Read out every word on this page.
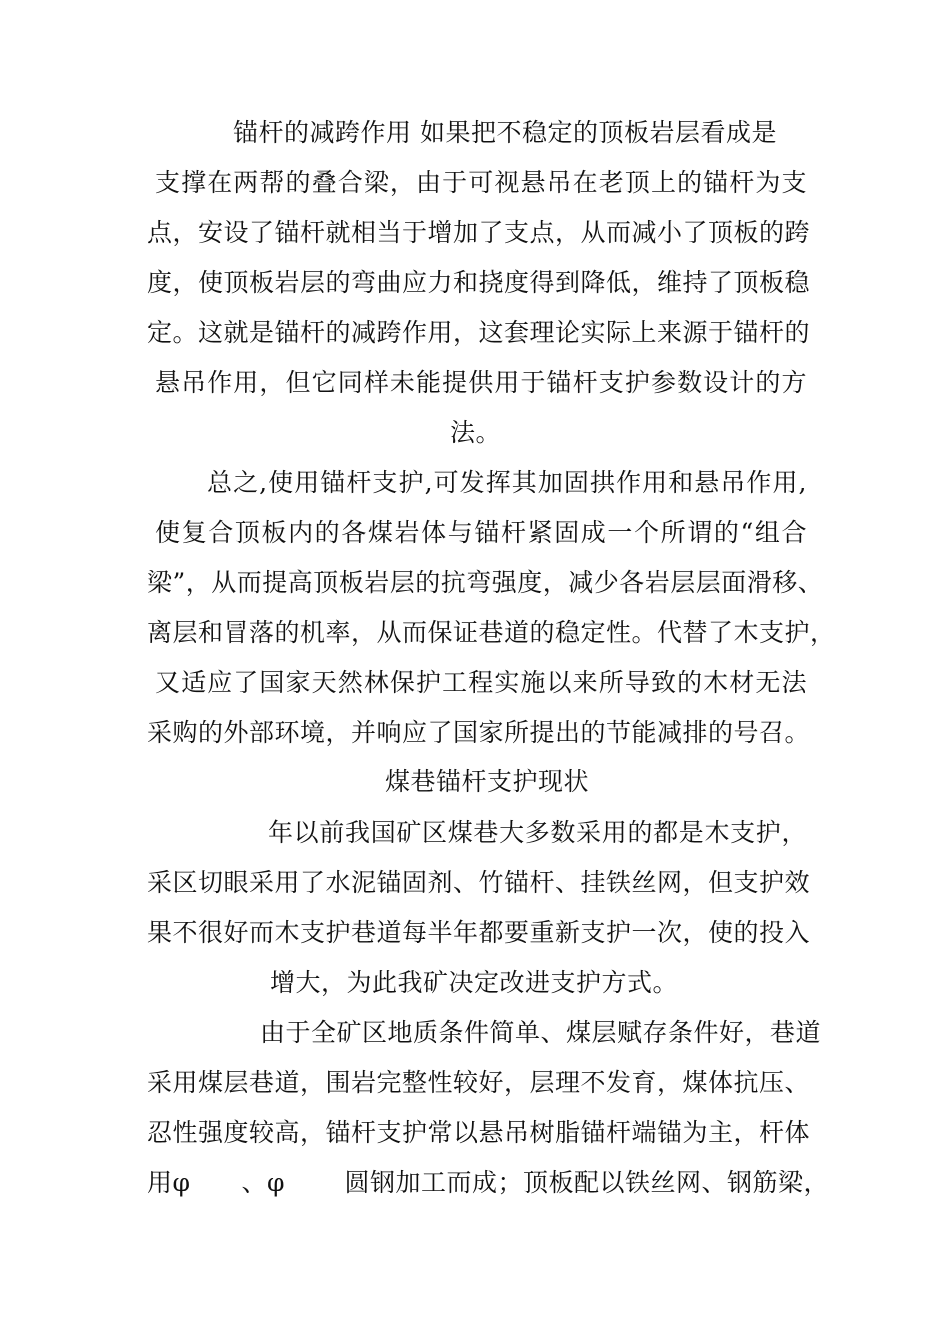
锚杆的减跨作用 如果把不稳定的顶板岩层看成是
支撑在两帮的叠合梁，由于可视悬吊在老顶上的锚杆为支
点，安设了锚杆就相当于增加了支点，从而减小了顶板的跨
度，使顶板岩层的弯曲应力和挠度得到降低，维持了顶板稳
定。这就是锚杆的减跨作用，这套理论实际上来源于锚杆的
悬吊作用，但它同样未能提供用于锚杆支护参数设计的方
法。
总之,使用锚杆支护,可发挥其加固拱作用和悬吊作用,
使复合顶板内的各煤岩体与锚杆紧固成一个所谓的“组合
梁”，从而提高顶板岩层的抗弯强度，减少各岩层层面滑移、
离层和冒落的机率，从而保证巷道的稳定性。代替了木支护，
又适应了国家天然林保护工程实施以来所导致的木材无法
采购的外部环境，并响应了国家所提出的节能减排的号召。
煤巷锚杆支护现状
年以前我国矿区煤巷大多数采用的都是木支护，
采区切眼采用了水泥锚固剂、竹锚杆、挂铁丝网，但支护效
果不很好而木支护巷道每半年都要重新支护一次，使的投入
增大，为此我矿决定改进支护方式。
由于全矿区地质条件简单、煤层赋存条件好，巷道
采用煤层巷道，围岩完整性较好，层理不发育，煤体抗压、
忍性强度较高，锚杆支护常以悬吊树脂锚杆端锚为主，杆体
用φ　　、φ　　 圆钢加工而成；顶板配以铁丝网、钢筋梁，
